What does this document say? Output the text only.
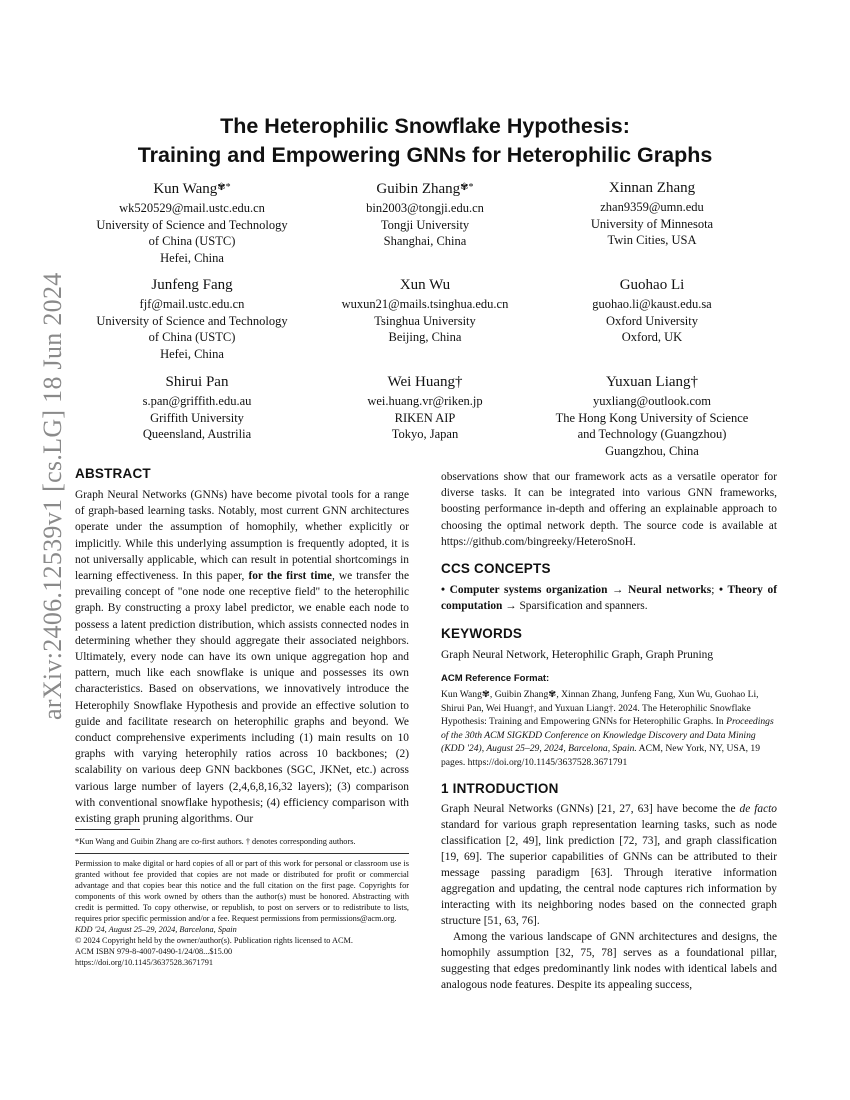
arXiv:2406.12539v1 [cs.LG] 18 Jun 2024
The Heterophilic Snowflake Hypothesis:
Training and Empowering GNNs for Heterophilic Graphs
Kun Wang✾*
wk520529@mail.ustc.edu.cn
University of Science and Technology
of China (USTC)
Hefei, China
Guibin Zhang✾*
bin2003@tongji.edu.cn
Tongji University
Shanghai, China
Xinnan Zhang
zhan9359@umn.edu
University of Minnesota
Twin Cities, USA
Junfeng Fang
fjf@mail.ustc.edu.cn
University of Science and Technology
of China (USTC)
Hefei, China
Xun Wu
wuxun21@mails.tsinghua.edu.cn
Tsinghua University
Beijing, China
Guohao Li
guohao.li@kaust.edu.sa
Oxford University
Oxford, UK
Shirui Pan
s.pan@griffith.edu.au
Griffith University
Queensland, Austrilia
Wei Huang†
wei.huang.vr@riken.jp
RIKEN AIP
Tokyo, Japan
Yuxuan Liang†
yuxliang@outlook.com
The Hong Kong University of Science
and Technology (Guangzhou)
Guangzhou, China
ABSTRACT

Graph Neural Networks (GNNs) have become pivotal tools for a range of graph-based learning tasks. Notably, most current GNN architectures operate under the assumption of homophily, whether explicitly or implicitly. While this underlying assumption is frequently adopted, it is not universally applicable, which can result in potential shortcomings in learning effectiveness. In this paper, for the first time, we transfer the prevailing concept of "one node one receptive field" to the heterophilic graph. By constructing a proxy label predictor, we enable each node to possess a latent prediction distribution, which assists connected nodes in determining whether they should aggregate their associated neighbors. Ultimately, every node can have its own unique aggregation hop and pattern, much like each snowflake is unique and possesses its own characteristics. Based on observations, we innovatively introduce the Heterophily Snowflake Hypothesis and provide an effective solution to guide and facilitate research on heterophilic graphs and beyond. We conduct comprehensive experiments including (1) main results on 10 graphs with varying heterophily ratios across 10 backbones; (2) scalability on various deep GNN backbones (SGC, JKNet, etc.) across various large number of layers (2,4,6,8,16,32 layers); (3) comparison with conventional snowflake hypothesis; (4) efficiency comparison with existing graph pruning algorithms. Our

*Kun Wang and Guibin Zhang are co-first authors. † denotes corresponding authors.
Permission to make digital or hard copies of all or part of this work for personal or classroom use is granted without fee provided that copies are not made or distributed for profit or commercial advantage and that copies bear this notice and the full citation on the first page. Copyrights for components of this work owned by others than the author(s) must be honored. Abstracting with credit is permitted. To copy otherwise, or republish, to post on servers or to redistribute to lists, requires prior specific permission and/or a fee. Request permissions from permissions@acm.org.
KDD '24, August 25–29, 2024, Barcelona, Spain
© 2024 Copyright held by the owner/author(s). Publication rights licensed to ACM.
ACM ISBN 979-8-4007-0490-1/24/08...$15.00
https://doi.org/10.1145/3637528.3671791

observations show that our framework acts as a versatile operator for diverse tasks. It can be integrated into various GNN frameworks, boosting performance in-depth and offering an explainable approach to choosing the optimal network depth. The source code is available at https://github.com/bingreeky/HeteroSnoH.

CCS CONCEPTS

• Computer systems organization → Neural networks; • Theory of computation → Sparsification and spanners.

KEYWORDS

Graph Neural Network, Heterophilic Graph, Graph Pruning

ACM Reference Format:

Kun Wang✾, Guibin Zhang✾, Xinnan Zhang, Junfeng Fang, Xun Wu, Guohao Li, Shirui Pan, Wei Huang†, and Yuxuan Liang†. 2024. The Heterophilic Snowflake Hypothesis: Training and Empowering GNNs for Heterophilic Graphs. In Proceedings of the 30th ACM SIGKDD Conference on Knowledge Discovery and Data Mining (KDD '24), August 25–29, 2024, Barcelona, Spain. ACM, New York, NY, USA, 19 pages. https://doi.org/10.1145/3637528.3671791

1 INTRODUCTION

Graph Neural Networks (GNNs) [21, 27, 63] have become the de facto standard for various graph representation learning tasks, such as node classification [2, 49], link prediction [72, 73], and graph classification [19, 69]. The superior capabilities of GNNs can be attributed to their message passing paradigm [63]. Through iterative information aggregation and updating, the central node captures rich information by interacting with its neighboring nodes based on the connected graph structure [51, 63, 76].

Among the various landscape of GNN architectures and designs, the homophily assumption [32, 75, 78] serves as a foundational pillar, suggesting that edges predominantly link nodes with identical labels and analogous node features. Despite its appealing success,
